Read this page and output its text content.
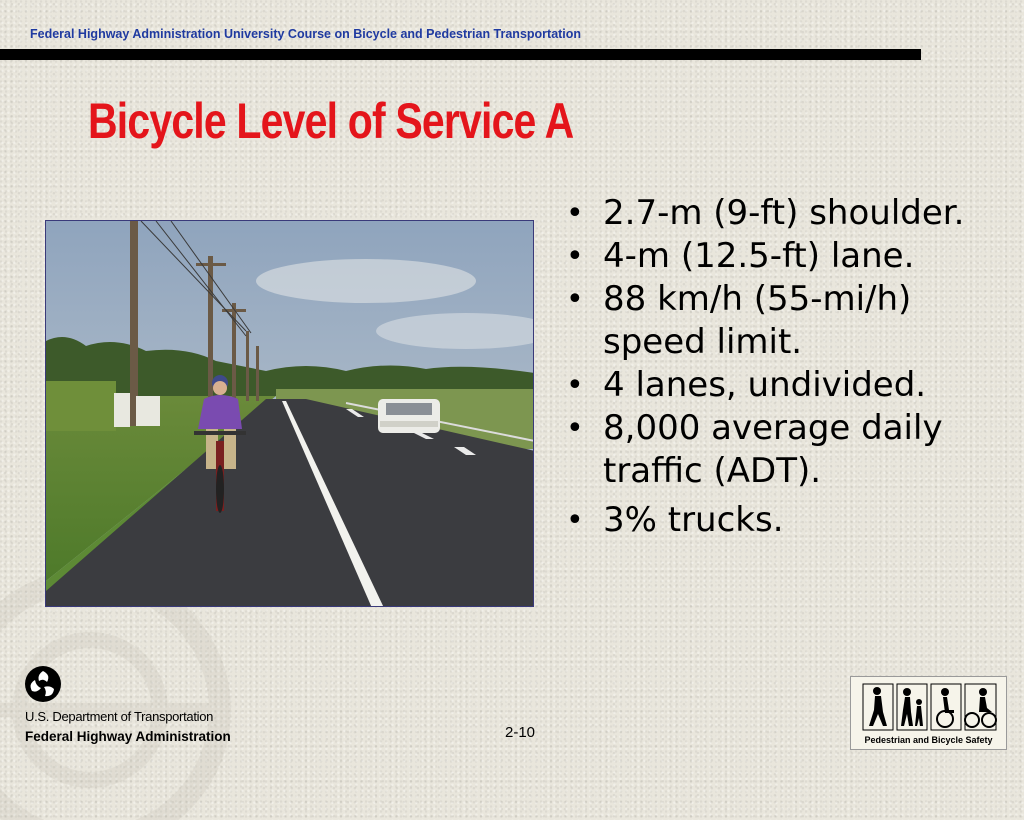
Federal Highway Administration University Course on Bicycle and Pedestrian Transportation
Bicycle Level of Service A
• 2.7-m (9-ft) shoulder.
• 4-m (12.5-ft) lane.
• 88 km/h (55-mi/h)
speed limit.
• 4 lanes, undivided.
• 8,000 average daily
traffic (ADT).
• 3% trucks.
U.S. Department of Transportation
Federal Highway Administration	2-10	Pedestrian and Bicycle Safety
